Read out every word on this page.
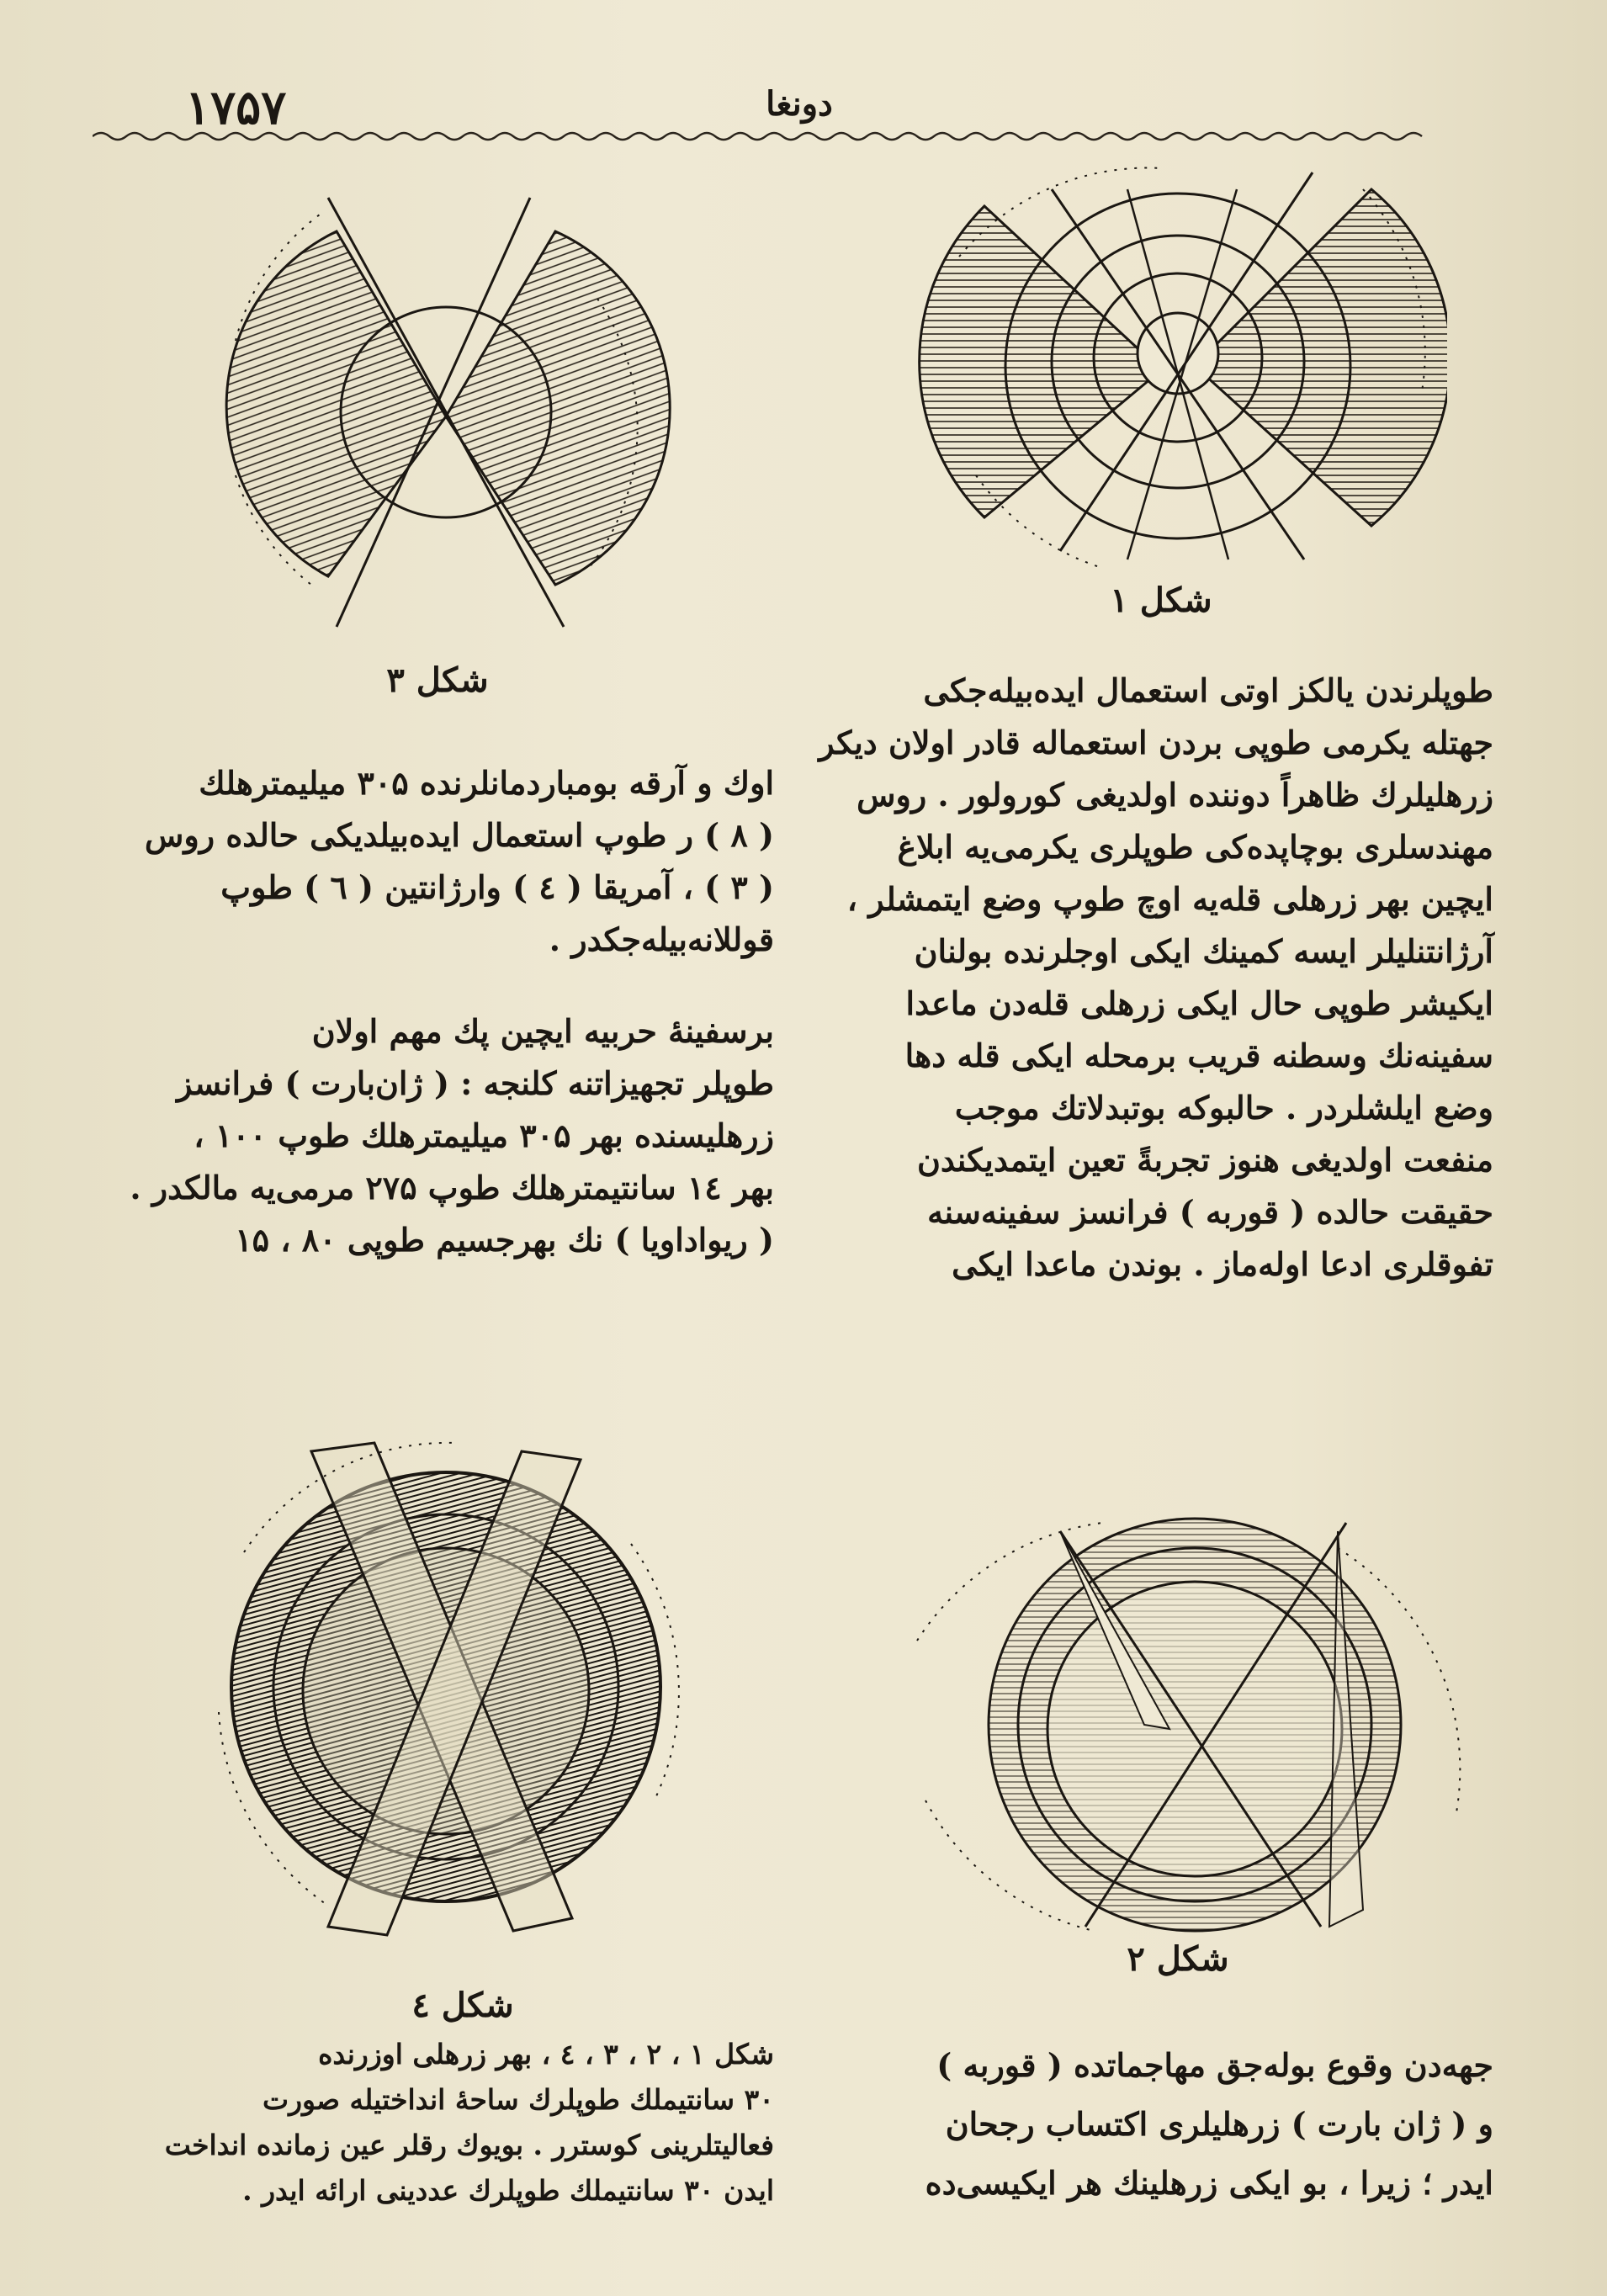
۱۷۵۷	دونغا
شکل ۱
شکل ۳	طوپلرندن یالکز اوتی استعمال ایده‌بیله‌جکی
جهتله یکرمی طوپی بردن استعماله قادر اولان دیکر
زرهلیلرك ظاهراً دوننده اولدیغی کورولور . روس
مهندسلری بوچاپده‌کی طوپلری یکرمی‌یه ابلاغ
ایچین بهر زرهلی قله‌یه اوچ طوپ وضع ایتمشلر ،
آرژانتنلیلر ایسه کمینك ایکی اوجلرنده بولنان
ایکیشر طوپی حال ایکی زرهلی قله‌دن ماعدا
سفینه‌نك وسطنه قریب برمحله ایکی قله دها
وضع ایلشلردر . حالبوکه بوتبدلاتك موجب
منفعت اولدیغی هنوز تجربةً تعین ایتمدیکندن
حقیقت حالده ( قوربه ) فرانسز سفینه‌سنه
تفوقلری ادعا اوله‌ماز . بوندن ماعدا ایکی
اوك و آرقه بومباردمانلرنده ۳۰۵ میلیمترهلك
( ۸ ) ر طوپ استعمال ایده‌بیلدیکی حالده روس
( ۳ ) ، آمریقا ( ٤ ) وارژانتین ( ٦ ) طوپ
قوللانه‌بیله‌جکدر .
برسفینهٔ حربیه ایچین پك مهم اولان
طوپلر تجهیزاتنه کلنجه : ( ژان‌بارت ) فرانسز
زرهلیسنده بهر ۳۰۵ میلیمترهلك طوپ ۱۰۰ ،
بهر ۱٤ سانتیمترهلك طوپ ۲۷۵ مرمی‌یه مالکدر .
( ریواداویا ) نك بهرجسیم طوپی ۸۰ ، ۱۵
شکل ٤
شکل ۲
شکل ۱ ، ۲ ، ۳ ، ٤ ، بهر زرهلی اوزرنده
۳۰ سانتیملك طوپلرك ساحهٔ انداختیله صورت
فعالیتلرینی کوسترر . بویوك رقلر عین زمانده انداخت
ایدن ۳۰ سانتیملك طوپلرك عددینی ارائه ایدر .
جهه‌دن وقوع بوله‌جق مهاجماتده ( قوربه )
و ( ژان بارت ) زرهلیلری اکتساب رجحان
ایدر ؛ زیرا ، بو ایکی زرهلینك هر ایکیسی‌ده
